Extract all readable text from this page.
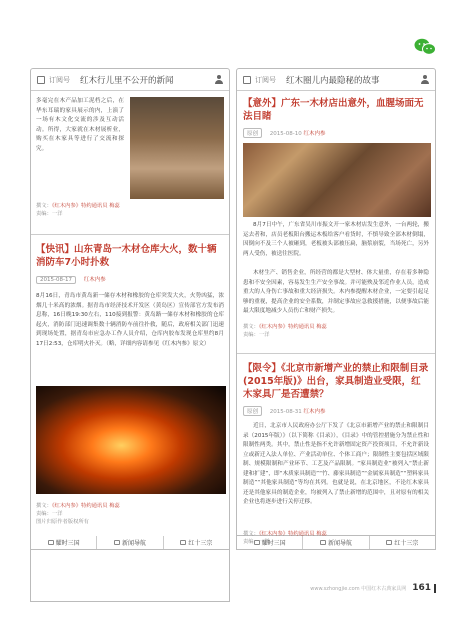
订阅号 红木行儿里不公开的新闻
多毫完在木产品加工泥档之后，在华东耳瑞的家具展示的内，上演了一场有木文化交流的涉及互动活动。所得，大家就在木材展析业，购买在木家具等进行了交流和探究。
撰文：《红木内参》特约通讯员 梅蕊
责编：一洋
【快讯】山东青岛一木材仓库大火，数十辆消防车7小时扑救
2015-08-17 红木内参
8月16日，青岛市黄岛新一储存木材和橡胶的仓库突发大火，火势凶猛，浓烟几十米高的浓烟。据青岛市经济技术开发区（黄岛区）宣传部官方发布消息称，16日晚19:30左右，110接到报警：黄岛路一储存木材和橡胶的仓库起火，消防部门迅速调集数十辆消防车前往扑救，随后，政府相关部门迅速到现场处置，据青岛市应急办工作人员介绍，仓库内胶布发现仓库里约8月17日2:53，仓库明火扑灭。（略，详细内容请参见《红木内参》原文）
撰文：《红木内参》特约通讯员 梅蕊
责编：一洋
图片归原作者版权所有
耀时三国	新闻导航	红十三宗
订阅号 红木圈儿内最隐秘的故事
【意外】广东一木材店出意外，血腥场面无法目睹
原创 2015-08-10 红木内参
8月7日中午，广东省吴川市振文开一家木材店发生意外，一台两轮，搬运去者和，店员老板阳台搬运木板给客户看货时，不慎导致全部木材倒塌，因倒向不及三个人被砸到，老板被头部被压扁，脑浆崩裂，当场死亡，另外两人受伤，被送往医院。
木材生产、销售企业，所经营的都是大型材、体大量重，存在着多种隐患和不安全因素，容易发生生产安全事故。并可能殃及邻近作业人员，造成重大的人身伤亡事故和重大经济损失。木内参提醒木材企业，一定要引起足够的重视，提高企业的安全系数，并制定事故应急救援措施，以便事故后能最大限度地减少人员伤亡和财产损失。
撰文：《红木内参》特约通讯员 梅蕊
责编：一洋
【限令】《北京市新增产业的禁止和限制目录(2015年版)》出台，家具制造业受限，红木家具厂是否遭禁？
原创 2015-08-31 红木内参
近日，北京市人民政府办公厅下发了《北京市新增产业的禁止和限制目录（2015年版）》（以下简称《目录》），《目录》中的管控措施分为禁止性和限制性两类。其中，禁止性是指不允许新增固定资产投资项目，不允许新设立或新迁入法人单位、产业活动单位、个体工商户；限制性主要包括区域限制、规模限制和产业环节、工艺及产品限制。“家具制造业”被列入“禁止新建和扩建”，即“木质家具制造”“竹、藤家具制造”“金属家具制造”“塑料家具制造”“其他家具制造”等均在其列。也就是说，在北京地区，不论红木家具还是其他家具的制造企业，均被列入了禁止新增的范围中，且对原有的相关企业也将逐步进行关停迁移。
撰文：《红木内参》特约通讯员 梅蕊
责编：一洋
耀时三国	新闻导航	红十三宗
www.szhongjie.com 中国红木古典家具网 161
